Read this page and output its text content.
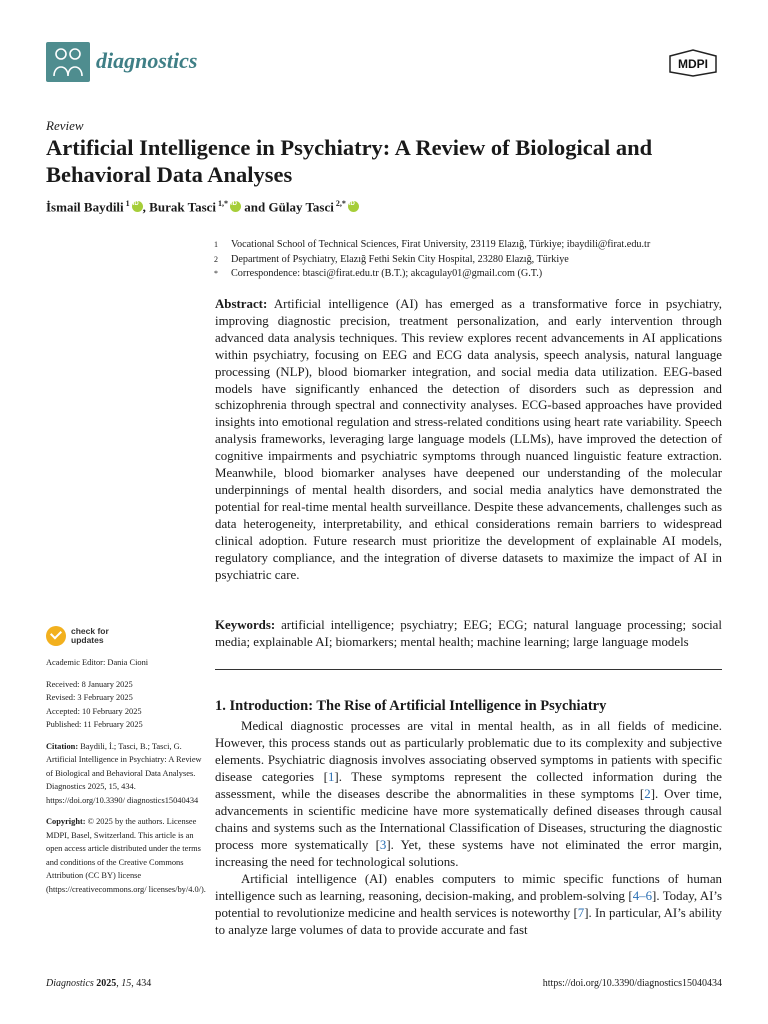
diagnostics	MDPI
Review
Artificial Intelligence in Psychiatry: A Review of Biological and Behavioral Data Analyses
İsmail Baydili $^1$iD , Burak Tasci $^{1,*}$iD and Gülay Tasci $^{2,*}$iD
1	Vocational School of Technical Sciences, Firat University, 23119 Elazığ, Türkiye; ibaydili@firat.edu.tr
2	Department of Psychiatry, Elazığ Fethi Sekin City Hospital, 23280 Elazığ, Türkiye
*	Correspondence: btasci@firat.edu.tr (B.T.); akcagulay01@gmail.com (G.T.)
Abstract: Artificial intelligence (AI) has emerged as a transformative force in psychiatry, improving diagnostic precision, treatment personalization, and early intervention through advanced data analysis techniques. This review explores recent advancements in AI applications within psychiatry, focusing on EEG and ECG data analysis, speech analysis, natural language processing (NLP), blood biomarker integration, and social media data utilization. EEG-based models have significantly enhanced the detection of disorders such as depression and schizophrenia through spectral and connectivity analyses. ECG-based approaches have provided insights into emotional regulation and stress-related conditions using heart rate variability. Speech analysis frameworks, leveraging large language models (LLMs), have improved the detection of cognitive impairments and psychiatric symptoms through nuanced linguistic feature extraction. Meanwhile, blood biomarker analyses have deepened our understanding of the molecular underpinnings of mental health disorders, and social media analytics have demonstrated the potential for real-time mental health surveillance. Despite these advancements, challenges such as data heterogeneity, interpretability, and ethical considerations remain barriers to widespread clinical adoption. Future research must prioritize the development of explainable AI models, regulatory compliance, and the integration of diverse datasets to maximize the impact of AI in psychiatric care.
Keywords: artificial intelligence; psychiatry; EEG; ECG; natural language processing; social media; explainable AI; biomarkers; mental health; machine learning; large language models
check for
updates
Academic Editor: Dania Cioni
Received: 8 January 2025
Revised: 3 February 2025
Accepted: 10 February 2025
Published: 11 February 2025
Citation: Baydili, İ.; Tasci, B.; Tasci, G. Artificial Intelligence in Psychiatry: A Review of Biological and Behavioral Data Analyses. Diagnostics 2025, 15, 434. https://doi.org/10.3390/ diagnostics15040434
Copyright: © 2025 by the authors. Licensee MDPI, Basel, Switzerland. This article is an open access article distributed under the terms and conditions of the Creative Commons Attribution (CC BY) license (https://creativecommons.org/ licenses/by/4.0/).
1. Introduction: The Rise of Artificial Intelligence in Psychiatry

Medical diagnostic processes are vital in mental health, as in all fields of medicine. However, this process stands out as particularly problematic due to its complexity and subjective elements. Psychiatric diagnosis involves associating observed symptoms in patients with specific disease categories [1]. These symptoms represent the collected information during the assessment, while the diseases describe the abnormalities in these symptoms [2]. Over time, advancements in scientific medicine have more systematically defined diseases through causal chains and systems such as the International Classification of Diseases, structuring the diagnostic process more systematically [3]. Yet, these systems have not eliminated the error margin, increasing the need for technological solutions.

Artificial intelligence (AI) enables computers to mimic specific functions of human intelligence such as learning, reasoning, decision-making, and problem-solving [4–6]. Today, AI’s potential to revolutionize medicine and health services is noteworthy [7]. In particular, AI’s ability to analyze large volumes of data to provide accurate and fast

Diagnostics 2025, 15, 434	https://doi.org/10.3390/diagnostics15040434
